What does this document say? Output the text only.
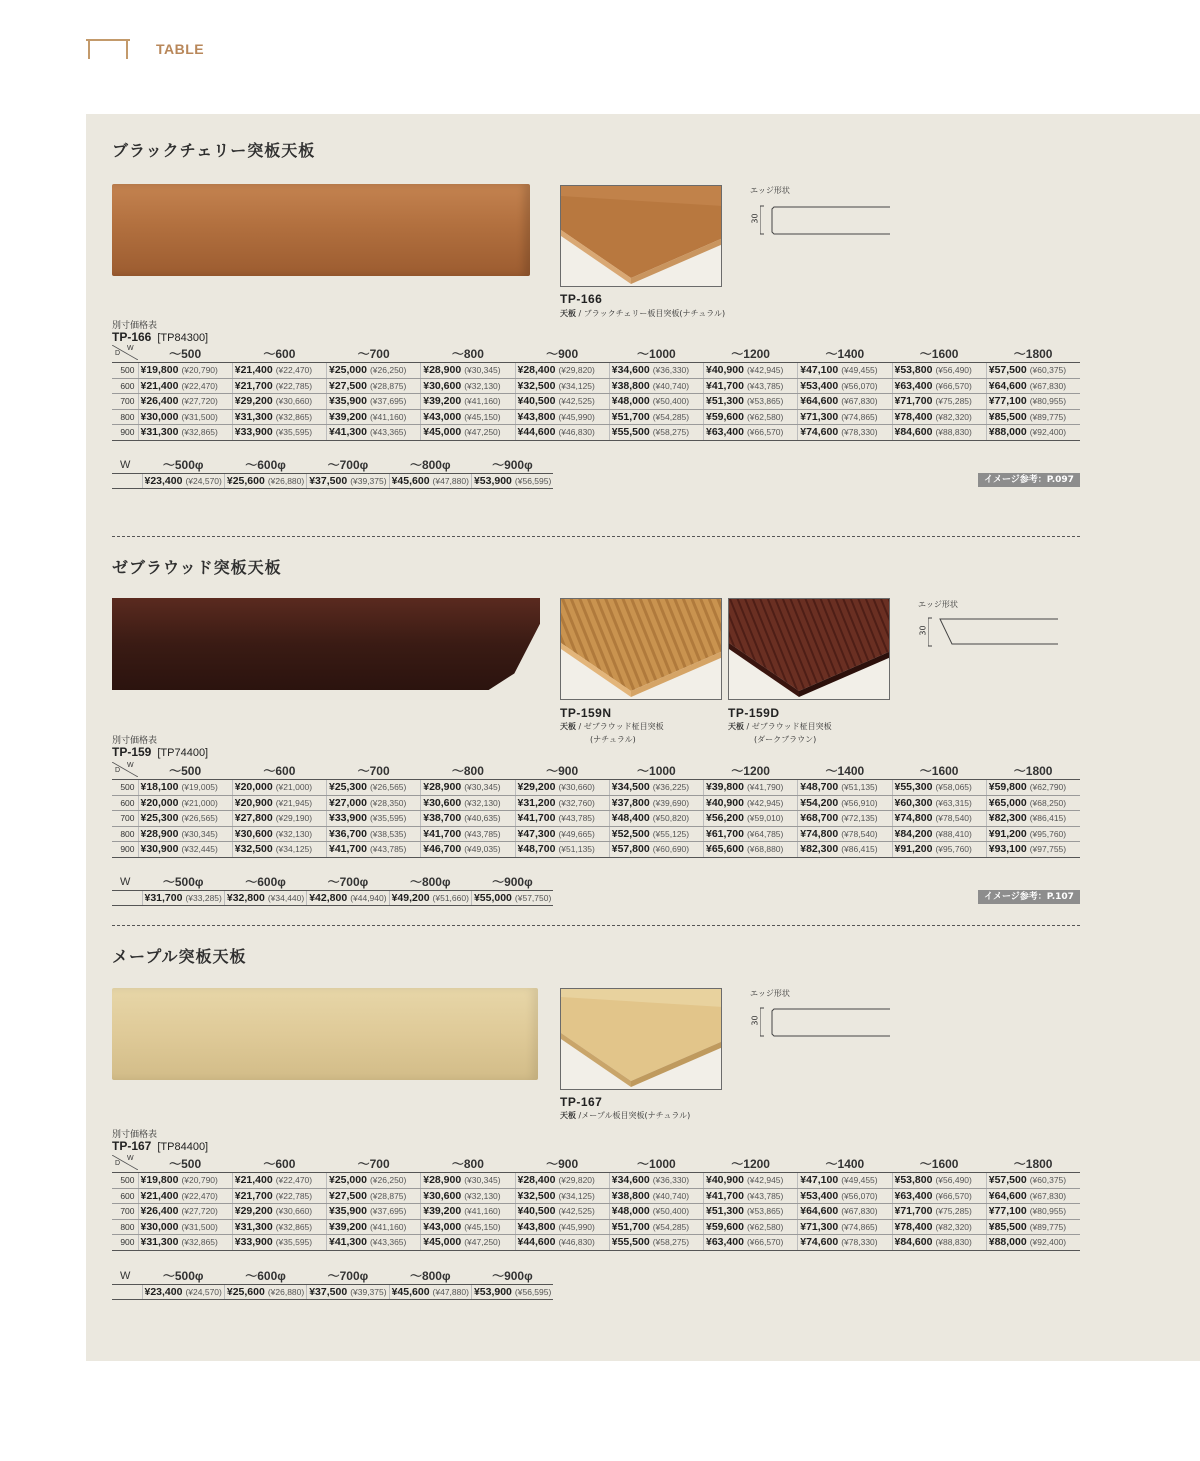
TABLE
ブラックチェリー突板天板
TP-166
天板 / ブラックチェリー板目突板(ナチュラル)
エッジ形状
30
別寸価格表
TP-166 [TP84300]
D
W	〜500	〜600	〜700	〜800	〜900	〜1000	〜1200	〜1400	〜1600	〜1800
500	¥19,800 (¥20,790)	¥21,400 (¥22,470)	¥25,000 (¥26,250)	¥28,900 (¥30,345)	¥28,400 (¥29,820)	¥34,600 (¥36,330)	¥40,900 (¥42,945)	¥47,100 (¥49,455)	¥53,800 (¥56,490)	¥57,500 (¥60,375)
600	¥21,400 (¥22,470)	¥21,700 (¥22,785)	¥27,500 (¥28,875)	¥30,600 (¥32,130)	¥32,500 (¥34,125)	¥38,800 (¥40,740)	¥41,700 (¥43,785)	¥53,400 (¥56,070)	¥63,400 (¥66,570)	¥64,600 (¥67,830)
700	¥26,400 (¥27,720)	¥29,200 (¥30,660)	¥35,900 (¥37,695)	¥39,200 (¥41,160)	¥40,500 (¥42,525)	¥48,000 (¥50,400)	¥51,300 (¥53,865)	¥64,600 (¥67,830)	¥71,700 (¥75,285)	¥77,100 (¥80,955)
800	¥30,000 (¥31,500)	¥31,300 (¥32,865)	¥39,200 (¥41,160)	¥43,000 (¥45,150)	¥43,800 (¥45,990)	¥51,700 (¥54,285)	¥59,600 (¥62,580)	¥71,300 (¥74,865)	¥78,400 (¥82,320)	¥85,500 (¥89,775)
900	¥31,300 (¥32,865)	¥33,900 (¥35,595)	¥41,300 (¥43,365)	¥45,000 (¥47,250)	¥44,600 (¥46,830)	¥55,500 (¥58,275)	¥63,400 (¥66,570)	¥74,600 (¥78,330)	¥84,600 (¥88,830)	¥88,000 (¥92,400)
W	〜500φ	〜600φ	〜700φ	〜800φ	〜900φ
	¥23,400 (¥24,570)	¥25,600 (¥26,880)	¥37,500 (¥39,375)	¥45,600 (¥47,880)	¥53,900 (¥56,595)	イメージ参考：P.097
ゼブラウッド突板天板
TP-159N
天板 / ゼブラウッド柾目突板
(ナチュラル)
TP-159D
天板 / ゼブラウッド柾目突板
(ダークブラウン)
エッジ形状
30
別寸価格表
TP-159 [TP74400]
D
W	〜500	〜600	〜700	〜800	〜900	〜1000	〜1200	〜1400	〜1600	〜1800
500	¥18,100 (¥19,005)	¥20,000 (¥21,000)	¥25,300 (¥26,565)	¥28,900 (¥30,345)	¥29,200 (¥30,660)	¥34,500 (¥36,225)	¥39,800 (¥41,790)	¥48,700 (¥51,135)	¥55,300 (¥58,065)	¥59,800 (¥62,790)
600	¥20,000 (¥21,000)	¥20,900 (¥21,945)	¥27,000 (¥28,350)	¥30,600 (¥32,130)	¥31,200 (¥32,760)	¥37,800 (¥39,690)	¥40,900 (¥42,945)	¥54,200 (¥56,910)	¥60,300 (¥63,315)	¥65,000 (¥68,250)
700	¥25,300 (¥26,565)	¥27,800 (¥29,190)	¥33,900 (¥35,595)	¥38,700 (¥40,635)	¥41,700 (¥43,785)	¥48,400 (¥50,820)	¥56,200 (¥59,010)	¥68,700 (¥72,135)	¥74,800 (¥78,540)	¥82,300 (¥86,415)
800	¥28,900 (¥30,345)	¥30,600 (¥32,130)	¥36,700 (¥38,535)	¥41,700 (¥43,785)	¥47,300 (¥49,665)	¥52,500 (¥55,125)	¥61,700 (¥64,785)	¥74,800 (¥78,540)	¥84,200 (¥88,410)	¥91,200 (¥95,760)
900	¥30,900 (¥32,445)	¥32,500 (¥34,125)	¥41,700 (¥43,785)	¥46,700 (¥49,035)	¥48,700 (¥51,135)	¥57,800 (¥60,690)	¥65,600 (¥68,880)	¥82,300 (¥86,415)	¥91,200 (¥95,760)	¥93,100 (¥97,755)
W	〜500φ	〜600φ	〜700φ	〜800φ	〜900φ
	¥31,700 (¥33,285)	¥32,800 (¥34,440)	¥42,800 (¥44,940)	¥49,200 (¥51,660)	¥55,000 (¥57,750)	イメージ参考：P.107
メープル突板天板
TP-167
天板 /メープル板目突板(ナチュラル)
エッジ形状
30
別寸価格表
TP-167 [TP84400]
D
W	〜500	〜600	〜700	〜800	〜900	〜1000	〜1200	〜1400	〜1600	〜1800
500	¥19,800 (¥20,790)	¥21,400 (¥22,470)	¥25,000 (¥26,250)	¥28,900 (¥30,345)	¥28,400 (¥29,820)	¥34,600 (¥36,330)	¥40,900 (¥42,945)	¥47,100 (¥49,455)	¥53,800 (¥56,490)	¥57,500 (¥60,375)
600	¥21,400 (¥22,470)	¥21,700 (¥22,785)	¥27,500 (¥28,875)	¥30,600 (¥32,130)	¥32,500 (¥34,125)	¥38,800 (¥40,740)	¥41,700 (¥43,785)	¥53,400 (¥56,070)	¥63,400 (¥66,570)	¥64,600 (¥67,830)
700	¥26,400 (¥27,720)	¥29,200 (¥30,660)	¥35,900 (¥37,695)	¥39,200 (¥41,160)	¥40,500 (¥42,525)	¥48,000 (¥50,400)	¥51,300 (¥53,865)	¥64,600 (¥67,830)	¥71,700 (¥75,285)	¥77,100 (¥80,955)
800	¥30,000 (¥31,500)	¥31,300 (¥32,865)	¥39,200 (¥41,160)	¥43,000 (¥45,150)	¥43,800 (¥45,990)	¥51,700 (¥54,285)	¥59,600 (¥62,580)	¥71,300 (¥74,865)	¥78,400 (¥82,320)	¥85,500 (¥89,775)
900	¥31,300 (¥32,865)	¥33,900 (¥35,595)	¥41,300 (¥43,365)	¥45,000 (¥47,250)	¥44,600 (¥46,830)	¥55,500 (¥58,275)	¥63,400 (¥66,570)	¥74,600 (¥78,330)	¥84,600 (¥88,830)	¥88,000 (¥92,400)
W	〜500φ	〜600φ	〜700φ	〜800φ	〜900φ
	¥23,400 (¥24,570)	¥25,600 (¥26,880)	¥37,500 (¥39,375)	¥45,600 (¥47,880)	¥53,900 (¥56,595)
